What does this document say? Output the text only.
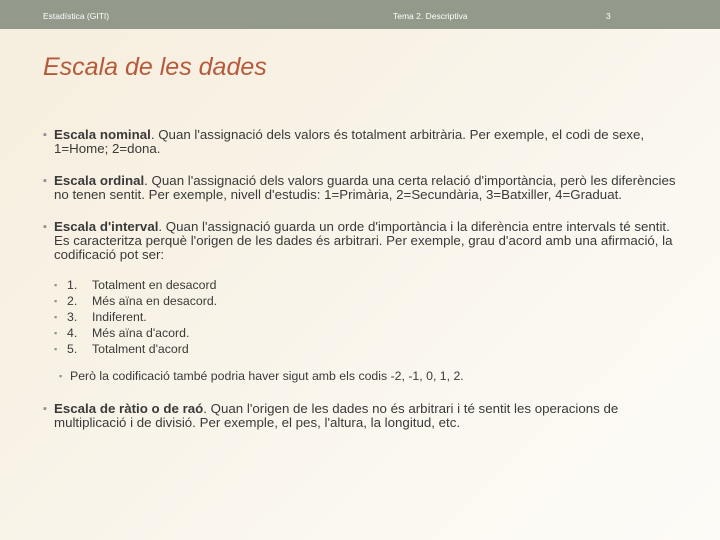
Estadística (GITI)	Tema 2. Descriptiva	3
Escala de les dades
▪ Escala nominal. Quan l'assignació dels valors és totalment arbitrària. Per exemple, el codi de sexe, 1=Home; 2=dona.
▪ Escala ordinal. Quan l'assignació dels valors guarda una certa relació d'importància, però les diferències no tenen sentit. Per exemple, nivell d'estudis: 1=Primària, 2=Secundària, 3=Batxiller, 4=Graduat.
▪ Escala d'interval. Quan l'assignació guarda un orde d'importància i la diferència entre intervals té sentit. Es caracteritza perquè l'origen de les dades és arbitrari. Per exemple, grau d'acord amb una afirmació, la codificació pot ser:
▪ 1. Totalment en desacord
▪ 2. Més aïna en desacord.
▪ 3. Indiferent.
▪ 4. Més aïna d'acord.
▪ 5. Totalment d'acord
▪ Però la codificació també podria haver sigut amb els codis -2, -1, 0, 1, 2.
▪ Escala de ràtio o de raó. Quan l'origen de les dades no és arbitrari i té sentit les operacions de multiplicació i de divisió. Per exemple, el pes, l'altura, la longitud, etc.
